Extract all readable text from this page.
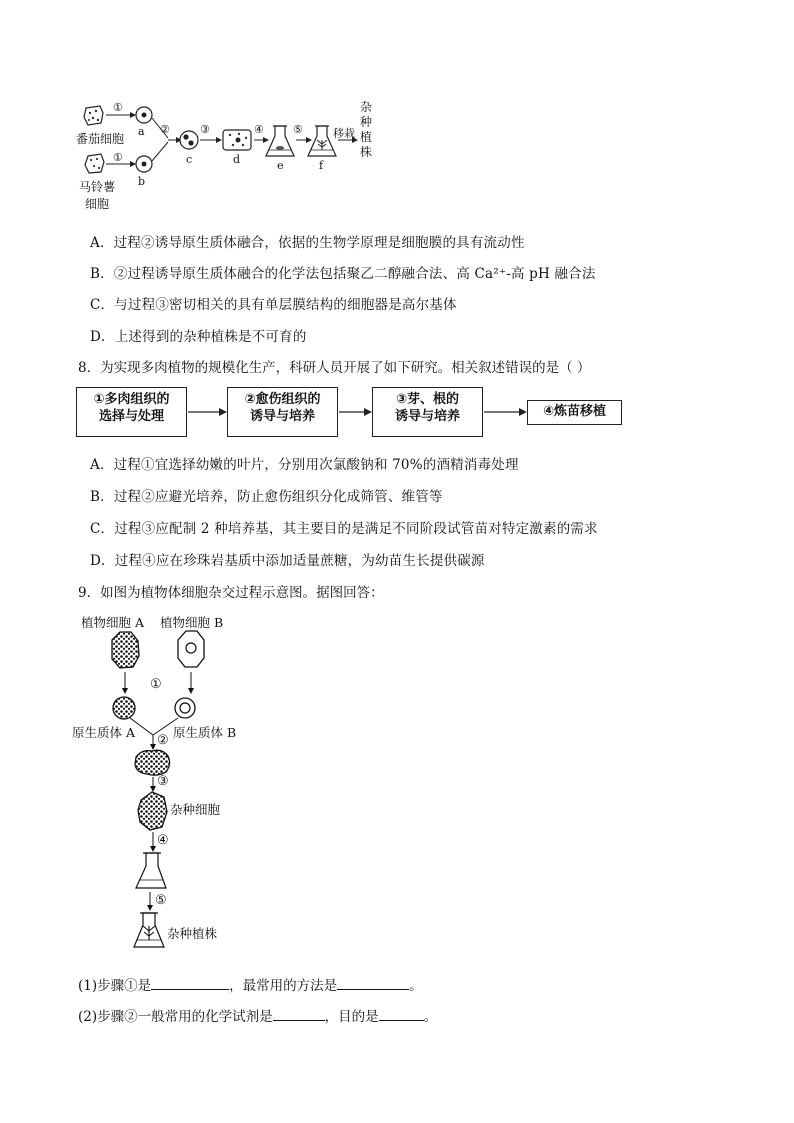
①
①
a
b
②	③
c	d
④
e
⑤
f
移栽
杂
种
植
株
番茄细胞
马铃薯
细胞
A．过程②诱导原生质体融合，依据的生物学原理是细胞膜的具有流动性
B．②过程诱导原生质体融合的化学法包括聚乙二醇融合法、高 Ca²⁺-高 pH 融合法
C．与过程③密切相关的具有单层膜结构的细胞器是高尔基体
D．上述得到的杂种植株是不可育的
8．为实现多肉植物的规模化生产，科研人员开展了如下研究。相关叙述错误的是（ ）
①多肉组织的
选择与处理
②愈伤组织的
诱导与培养
③芽、根的
诱导与培养	④炼苗移植
A．过程①宜选择幼嫩的叶片，分别用次氯酸钠和 70%的酒精消毒处理
B．过程②应避光培养，防止愈伤组织分化成筛管、维管等
C．过程③应配制 2 种培养基，其主要目的是满足不同阶段试管苗对特定激素的需求
D．过程④应在珍珠岩基质中添加适量蔗糖，为幼苗生长提供碳源
9．如图为植物体细胞杂交过程示意图。据图回答：
植物细胞 A 植物细胞 B
①
原生质体 A	原生质体 B
②
③
杂种细胞
④
⑤
杂种植株
(1)步骤①是	，最常用的方法是	。
(2)步骤②一般常用的化学试剂是	，目的是	。
